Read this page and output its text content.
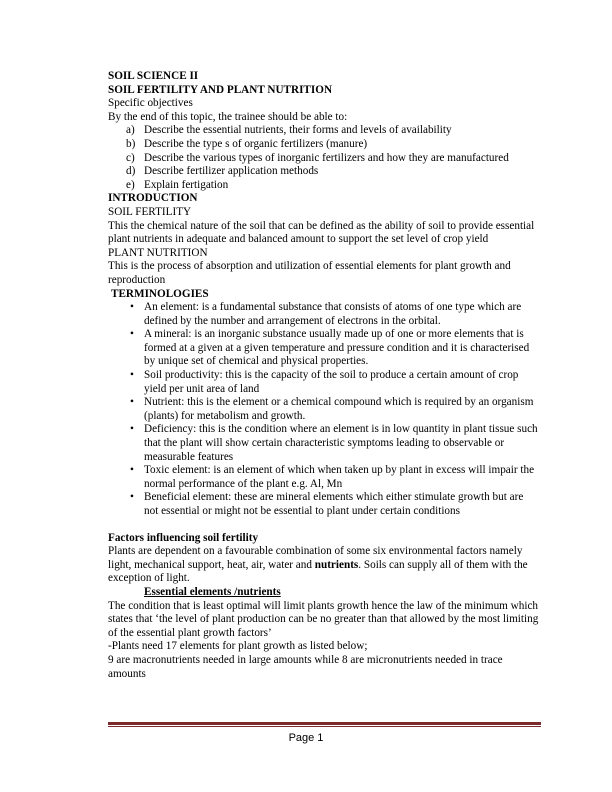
SOIL SCIENCE II

SOIL FERTILITY AND PLANT NUTRITION

Specific objectives

By the end of this topic, the trainee should be able to:

a) Describe the essential nutrients, their forms and levels of availability
b) Describe the type s of organic fertilizers (manure)
c) Describe the various types of inorganic fertilizers and how they are manufactured
d) Describe fertilizer application methods
e) Explain fertigation

INTRODUCTION

SOIL FERTILITY

This the chemical nature of the soil that can be defined as the ability of soil to provide essential plant nutrients in adequate and balanced amount to support the set level of crop yield

PLANT NUTRITION

This is the process of absorption and utilization of essential elements for plant growth and reproduction

TERMINOLOGIES

• An element: is a fundamental substance that consists of atoms of one type which are defined by the number and arrangement of electrons in the orbital.
• A mineral: is an inorganic substance usually made up of one or more elements that is formed at a given at a given temperature and pressure condition and it is characterised by unique set of chemical and physical properties.
• Soil productivity: this is the capacity of the soil to produce a certain amount of crop yield per unit area of land
• Nutrient: this is the element or a chemical compound which is required by an organism (plants) for metabolism and growth.
• Deficiency: this is the condition where an element is in low quantity in plant tissue such that the plant will show certain characteristic symptoms leading to observable or measurable features
• Toxic element: is an element of which when taken up by plant in excess will impair the normal performance of the plant e.g. Al, Mn
• Beneficial element: these are mineral elements which either stimulate growth but are not essential or might not be essential to plant under certain conditions

Factors influencing soil fertility

Plants are dependent on a favourable combination of some six environmental factors namely light, mechanical support, heat, air, water and nutrients. Soils can supply all of them with the exception of light.

Essential elements /nutrients

The condition that is least optimal will limit plants growth hence the law of the minimum which states that ‘the level of plant production can be no greater than that allowed by the most limiting of the essential plant growth factors’

-Plants need 17 elements for plant growth as listed below;

9 are macronutrients needed in large amounts while 8 are micronutrients needed in trace amounts

Page 1
